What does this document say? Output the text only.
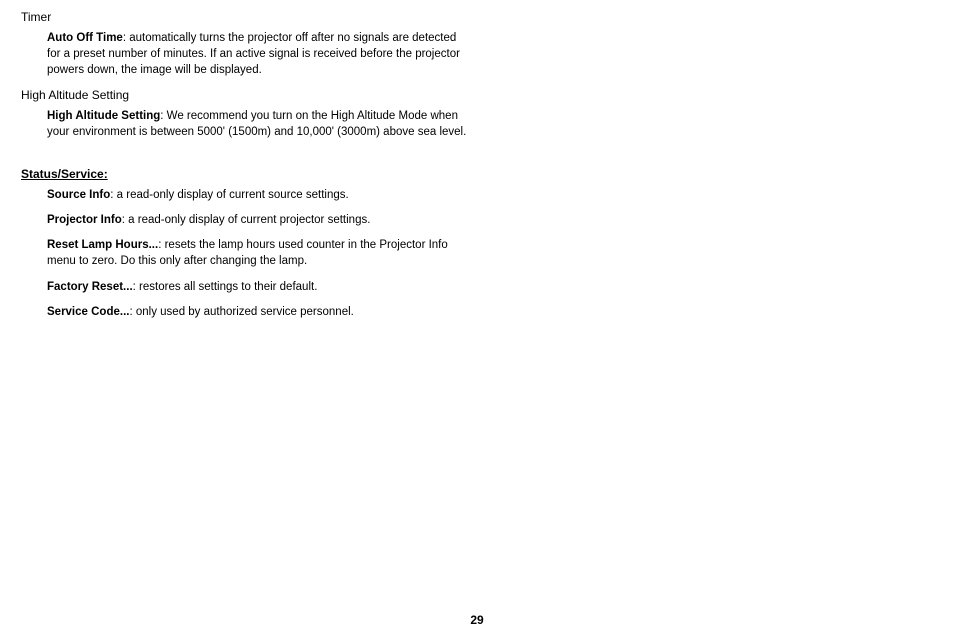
Timer

Auto Off Time: automatically turns the projector off after no signals are detected for a preset number of minutes. If an active signal is received before the projector powers down, the image will be displayed.

High Altitude Setting

High Altitude Setting: We recommend you turn on the High Altitude Mode when your environment is between 5000' (1500m) and 10,000' (3000m) above sea level.

Status/Service:

Source Info: a read-only display of current source settings.

Projector Info: a read-only display of current projector settings.

Reset Lamp Hours...: resets the lamp hours used counter in the Projector Info menu to zero. Do this only after changing the lamp.

Factory Reset...: restores all settings to their default.

Service Code...: only used by authorized service personnel.

29
